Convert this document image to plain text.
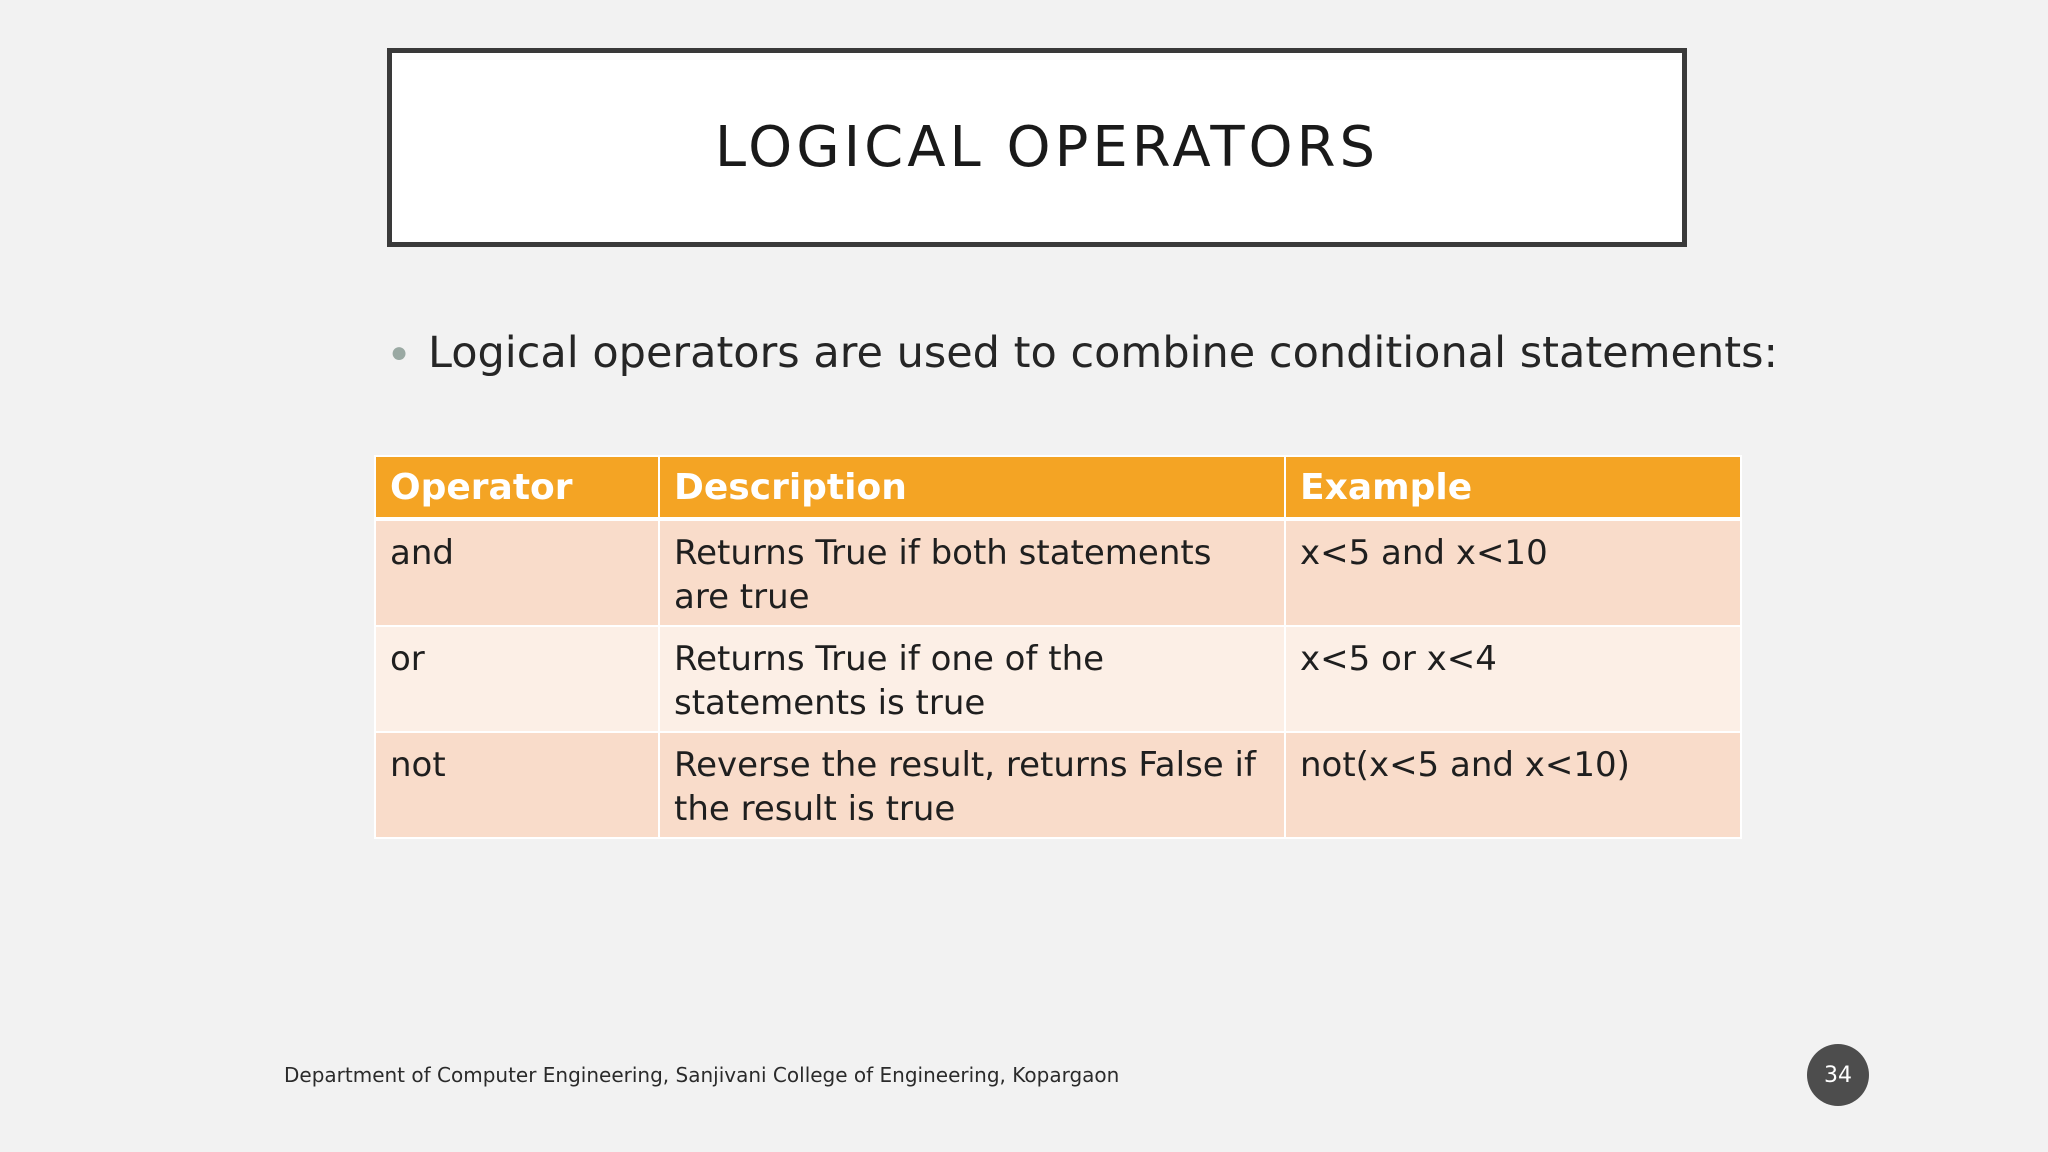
LOGICAL OPERATORS
● Logical operators are used to combine conditional statements:
Operator	Description	Example
and	Returns True if both statements are true	x<5 and x<10
or	Returns True if one of the statements is true	x<5 or x<4
not	Reverse the result, returns False if the result is true	not(x<5 and x<10)
Department of Computer Engineering, Sanjivani College of Engineering, Kopargaon	34
